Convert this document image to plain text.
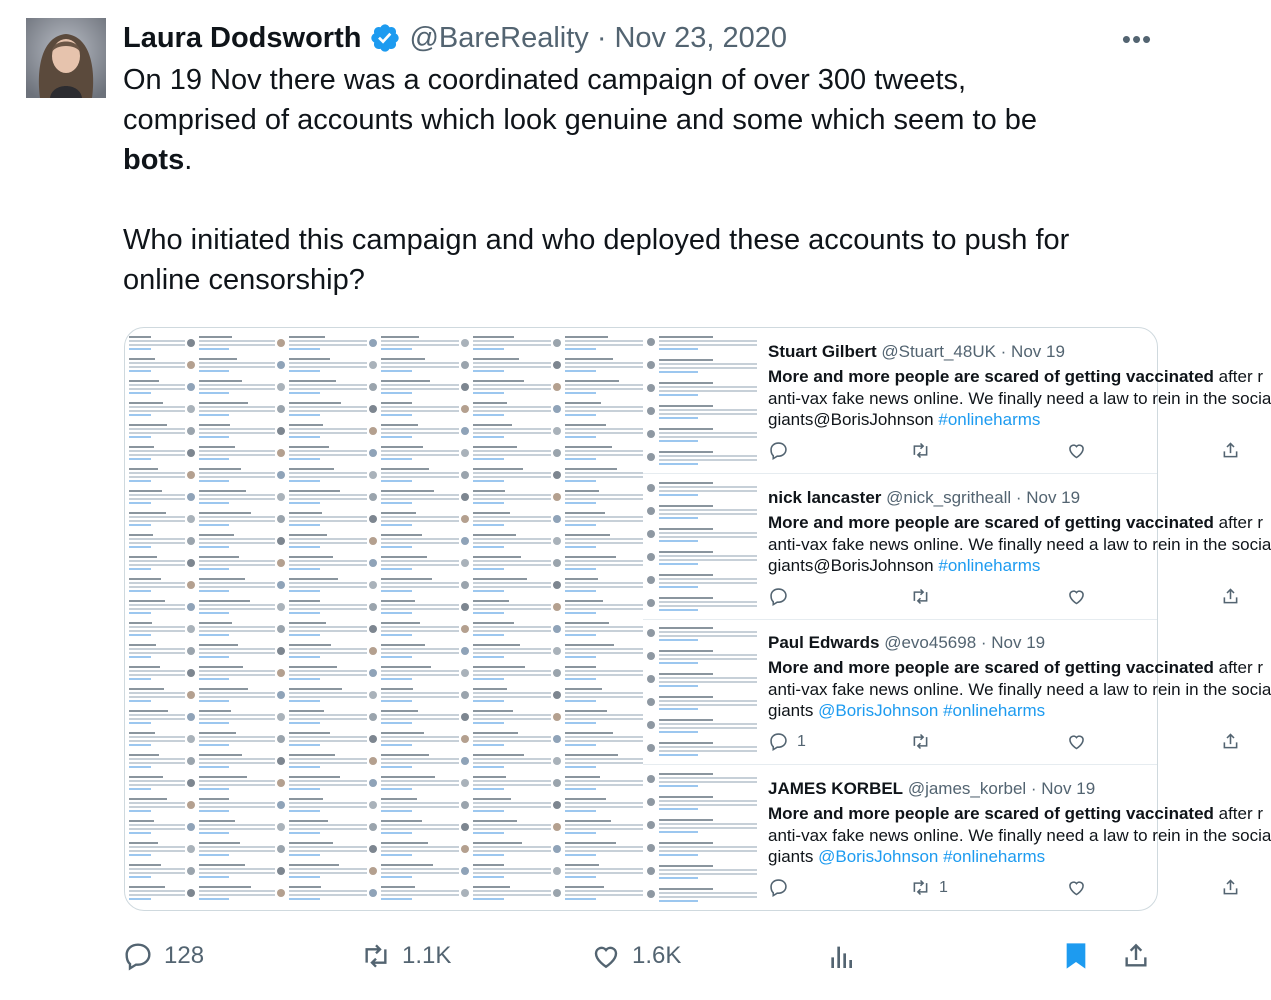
Laura Dodsworth @BareReality · Nov 23, 2020	•••

On 19 Nov there was a coordinated campaign of over 300 tweets,

comprised of accounts which look genuine and some which seem to be

bots.

Who initiated this campaign and who deployed these accounts to push for

online censorship?

Stuart Gilbert @Stuart_48UK · Nov 19
More and more people are scared of getting vaccinated after r
anti-vax fake news online. We finally need a law to rein in the socia
giants@BorisJohnson #onlineharms
nick lancaster @nick_sgritheall · Nov 19
More and more people are scared of getting vaccinated after r
anti-vax fake news online. We finally need a law to rein in the socia
giants@BorisJohnson #onlineharms
Paul Edwards @evo45698 · Nov 19
More and more people are scared of getting vaccinated after r
anti-vax fake news online. We finally need a law to rein in the socia
giants @BorisJohnson #onlineharms
1
JAMES KORBEL @james_korbel · Nov 19
More and more people are scared of getting vaccinated after r
anti-vax fake news online. We finally need a law to rein in the socia
giants @BorisJohnson #onlineharms
1
128	1.1K	1.6K
